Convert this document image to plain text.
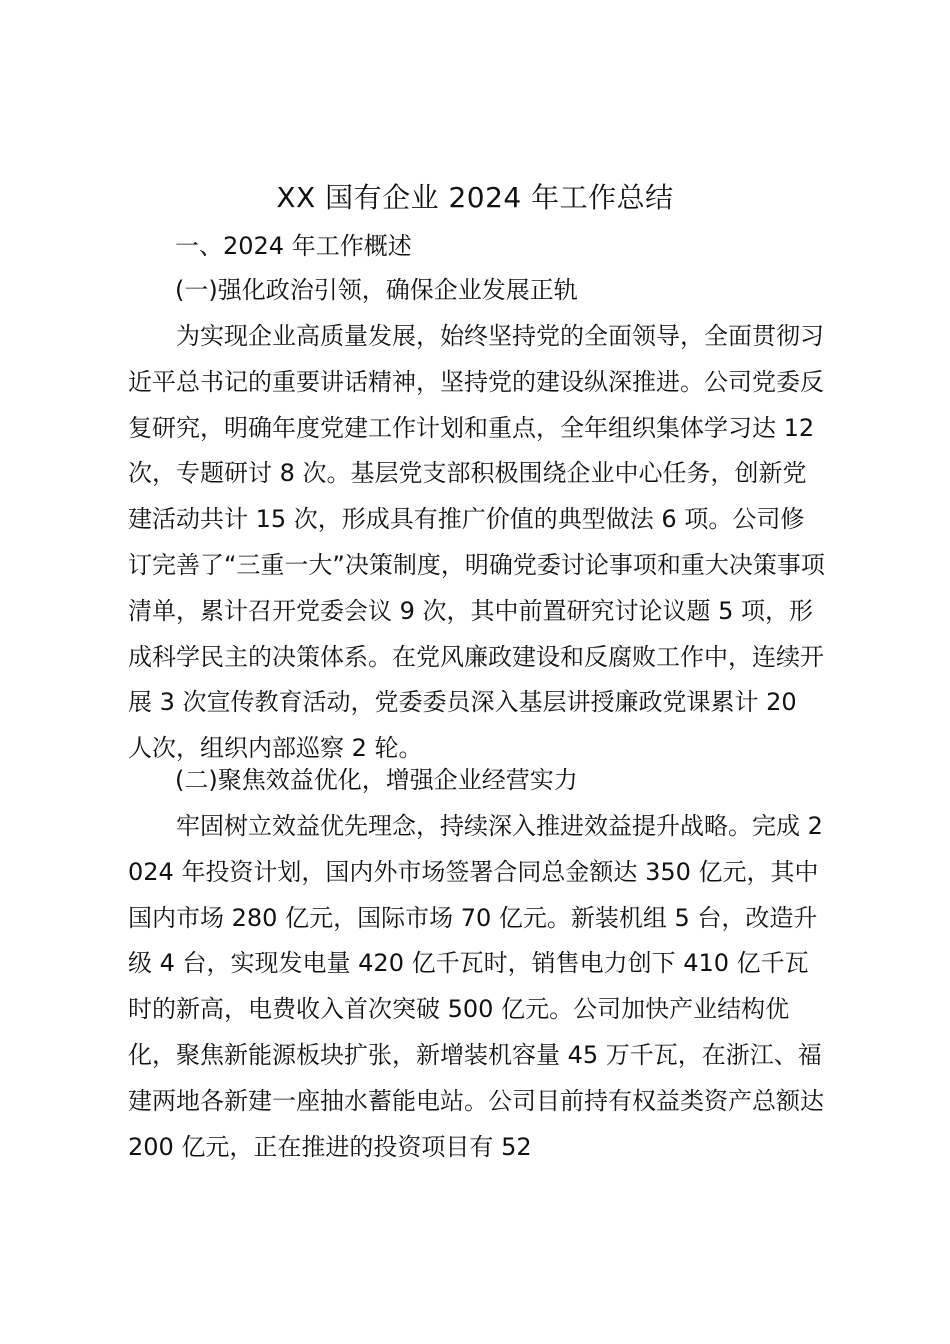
XX 国有企业 2024 年工作总结
一、2024 年工作概述
(一)强化政治引领，确保企业发展正轨

为实现企业高质量发展，始终坚持党的全面领导，全面贯彻习近平总书记的重要讲话精神，坚持党的建设纵深推进。公司党委反复研究，明确年度党建工作计划和重点，全年组织集体学习达 12 次，专题研讨 8 次。基层党支部积极围绕企业中心任务，创新党建活动共计 15 次，形成具有推广价值的典型做法 6 项。公司修订完善了“三重一大”决策制度，明确党委讨论事项和重大决策事项清单，累计召开党委会议 9 次，其中前置研究讨论议题 5 项，形成科学民主的决策体系。在党风廉政建设和反腐败工作中，连续开展 3 次宣传教育活动，党委委员深入基层讲授廉政党课累计 20 人次，组织内部巡察 2 轮。

(二)聚焦效益优化，增强企业经营实力

牢固树立效益优先理念，持续深入推进效益提升战略。完成 2024 年投资计划，国内外市场签署合同总金额达 350 亿元，其中国内市场 280 亿元，国际市场 70 亿元。新装机组 5 台，改造升级 4 台，实现发电量 420 亿千瓦时，销售电力创下 410 亿千瓦时的新高，电费收入首次突破 500 亿元。公司加快产业结构优化，聚焦新能源板块扩张，新增装机容量 45 万千瓦，在浙江、福建两地各新建一座抽水蓄能电站。公司目前持有权益类资产总额达 200 亿元，正在推进的投资项目有 52
